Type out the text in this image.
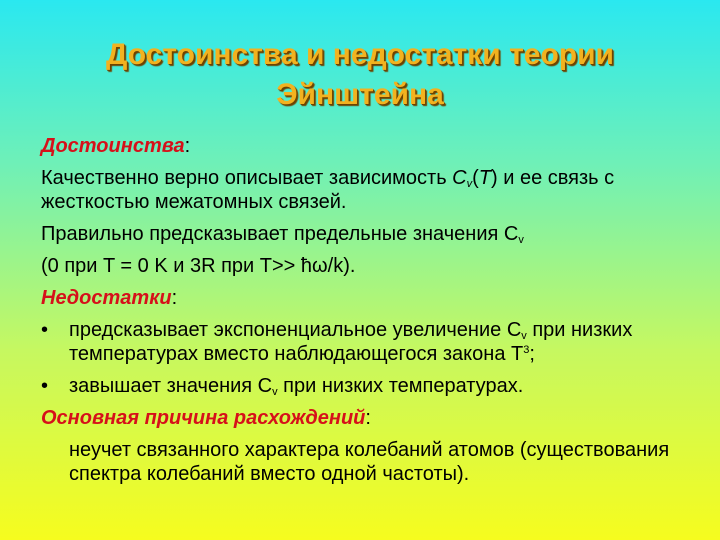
Достоинства и недостатки теории
Эйнштейна
Достоинства:
Качественно верно описывает зависимость $C_v(T)$ и ее связь с жесткостью межатомных связей.
Правильно предсказывает предельные значения $C_v$
(0 при T = 0 K и 3R при T>> ħω/k).
Недостатки:
• предсказывает экспоненциальное увеличение $C_v$ при низких температурах вместо наблюдающегося закона $T^3$;
• завышает значения $C_v$ при низких температурах.
Основная причина расхождений:
неучет связанного характера колебаний атомов (существования спектра колебаний вместо одной частоты).
